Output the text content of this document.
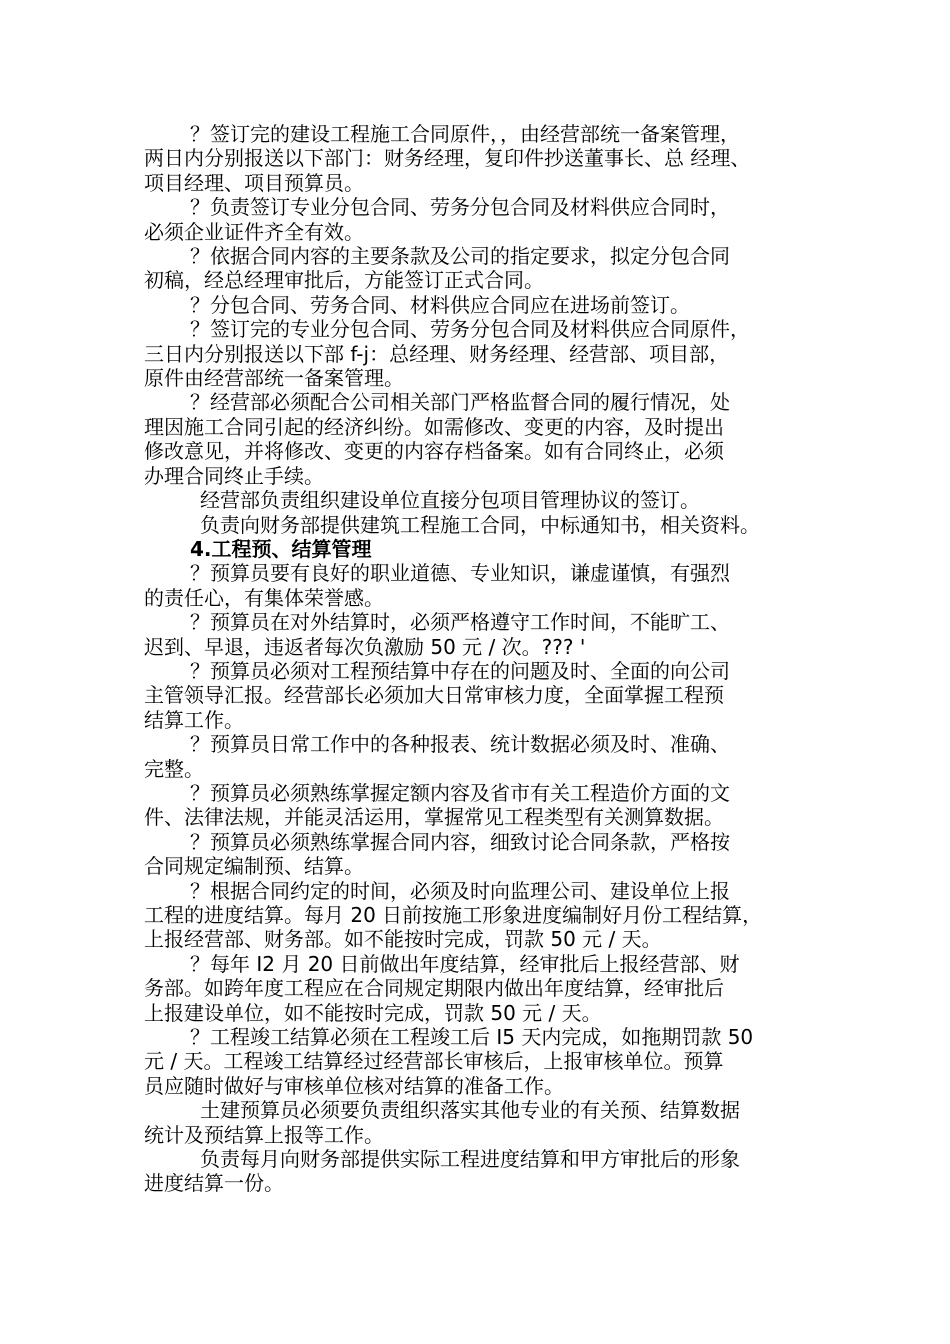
？签订完的建设工程施工合同原件，，由经营部统一备案管理，
两日内分别报送以下部门：财务经理，复印件抄送董事长、总 经理、
项目经理、项目预算员。

？负责签订专业分包合同、劳务分包合同及材料供应合同时，
必须企业证件齐全有效。

？依据合同内容的主要条款及公司的指定要求，拟定分包合同
初稿，经总经理审批后，方能签订正式合同。

？分包合同、劳务合同、材料供应合同应在进场前签订。

？签订完的专业分包合同、劳务分包合同及材料供应合同原件，
三日内分别报送以下部 f-j：总经理、财务经理、经营部、项目部，
原件由经营部统一备案管理。

？经营部必须配合公司相关部门严格监督合同的履行情况，处
理因施工合同引起的经济纠纷。如需修改、变更的内容，及时提出
修改意见，并将修改、变更的内容存档备案。如有合同终止，必须
办理合同终止手续。

经营部负责组织建设单位直接分包项目管理协议的签订。

负责向财务部提供建筑工程施工合同，中标通知书，相关资料。

4.工程预、结算管理

？预算员要有良好的职业道德、专业知识，谦虚谨慎，有强烈
的责任心，有集体荣誉感。

？预算员在对外结算时，必须严格遵守工作时间，不能旷工、
迟到、早退，违返者每次负激励 50 元 / 次。??? '

？预算员必须对工程预结算中存在的问题及时、全面的向公司
主管领导汇报。经营部长必须加大日常审核力度，全面掌握工程预
结算工作。

？预算员日常工作中的各种报表、统计数据必须及时、准确、
完整。

？预算员必须熟练掌握定额内容及省市有关工程造价方面的文
件、法律法规，并能灵活运用，掌握常见工程类型有关测算数据。

？预算员必须熟练掌握合同内容，细致讨论合同条款，严格按
合同规定编制预、结算。

？根据合同约定的时间，必须及时向监理公司、建设单位上报
工程的进度结算。每月 20 日前按施工形象进度编制好月份工程结算，
上报经营部、财务部。如不能按时完成，罚款 50 元 / 天。

？每年 I2 月 20 日前做出年度结算，经审批后上报经营部、财
务部。如跨年度工程应在合同规定期限内做出年度结算，经审批后
上报建设单位，如不能按时完成，罚款 50 元 / 天。

？工程竣工结算必须在工程竣工后 I5 天内完成，如拖期罚款 50
元 / 天。工程竣工结算经过经营部长审核后，上报审核单位。预算
员应随时做好与审核单位核对结算的准备工作。

土建预算员必须要负责组织落实其他专业的有关预、结算数据
统计及预结算上报等工作。

负责每月向财务部提供实际工程进度结算和甲方审批后的形象
进度结算一份。
